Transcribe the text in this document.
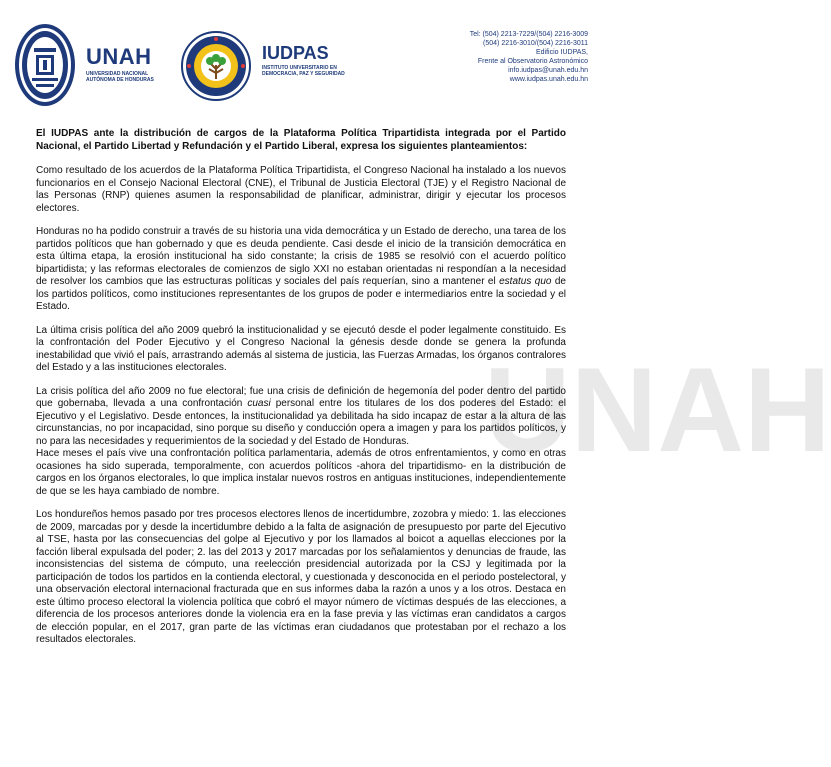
UNAH
UNAH
UNIVERSIDAD NACIONAL AUTÓNOMA DE HONDURAS
IUDPAS
INSTITUTO UNIVERSITARIO EN DEMOCRACIA, PAZ Y SEGURIDAD
Tel: (504) 2213-7229/(504) 2216-3009
(504) 2216-3010/(504) 2216-3011
Edificio IUDPAS,
Frente al Observatorio Astronómico
info.iudpas@unah.edu.hn
www.iudpas.unah.edu.hn

El IUDPAS ante la distribución de cargos de la Plataforma Política Tripartidista integrada por el Partido Nacional, el Partido Libertad y Refundación y el Partido Liberal, expresa los siguientes planteamientos:

Como resultado de los acuerdos de la Plataforma Política Tripartidista, el Congreso Nacional ha instalado a los nuevos funcionarios en el Consejo Nacional Electoral (CNE), el Tribunal de Justicia Electoral (TJE) y el Registro Nacional de las Personas (RNP) quienes asumen la responsabilidad de planificar, administrar, dirigir y ejecutar los procesos electores.

Honduras no ha podido construir a través de su historia una vida democrática y un Estado de derecho, una tarea de los partidos políticos que han gobernado y que es deuda pendiente. Casi desde el inicio de la transición democrática en esta última etapa, la erosión institucional ha sido constante; la crisis de 1985 se resolvió con el acuerdo político bipartidista; y las reformas electorales de comienzos de siglo XXI no estaban orientadas ni respondían a la necesidad de resolver los cambios que las estructuras políticas y sociales del país requerían, sino a mantener el estatus quo de los partidos políticos, como instituciones representantes de los grupos de poder e intermediarios entre la sociedad y el Estado.

La última crisis política del año 2009 quebró la institucionalidad y se ejecutó desde el poder legalmente constituido. Es la confrontación del Poder Ejecutivo y el Congreso Nacional la génesis desde donde se genera la profunda inestabilidad que vivió el país, arrastrando además al sistema de justicia, las Fuerzas Armadas, los órganos contralores del Estado y a las instituciones electorales.

La crisis política del año 2009 no fue electoral; fue una crisis de definición de hegemonía del poder dentro del partido que gobernaba, llevada a una confrontación cuasi personal entre los titulares de los dos poderes del Estado: el Ejecutivo y el Legislativo. Desde entonces, la institucionalidad ya debilitada ha sido incapaz de estar a la altura de las circunstancias, no por incapacidad, sino porque su diseño y conducción opera a imagen y para los partidos políticos, y no para las necesidades y requerimientos de la sociedad y del Estado de Honduras.

Hace meses el país vive una confrontación política parlamentaria, además de otros enfrentamientos, y como en otras ocasiones ha sido superada, temporalmente, con acuerdos políticos -ahora del tripartidismo- en la distribución de cargos en los órganos electorales, lo que implica instalar nuevos rostros en antiguas instituciones, independientemente de que se les haya cambiado de nombre.

Los hondureños hemos pasado por tres procesos electores llenos de incertidumbre, zozobra y miedo: 1. las elecciones de 2009, marcadas por y desde la incertidumbre debido a la falta de asignación de presupuesto por parte del Ejecutivo al TSE, hasta por las consecuencias del golpe al Ejecutivo y por los llamados al boicot a aquellas elecciones por la facción liberal expulsada del poder; 2. las del 2013 y 2017 marcadas por los señalamientos y denuncias de fraude, las inconsistencias del sistema de cómputo, una reelección presidencial autorizada por la CSJ y legitimada por la participación de todos los partidos en la contienda electoral, y cuestionada y desconocida en el periodo postelectoral, y una observación electoral internacional fracturada que en sus informes daba la razón a unos y a los otros. Destaca en este último proceso electoral la violencia política que cobró el mayor número de víctimas después de las elecciones, a diferencia de los procesos anteriores donde la violencia era en la fase previa y las víctimas eran candidatos a cargos de elección popular, en el 2017, gran parte de las víctimas eran ciudadanos que protestaban por el rechazo a los resultados electorales.
